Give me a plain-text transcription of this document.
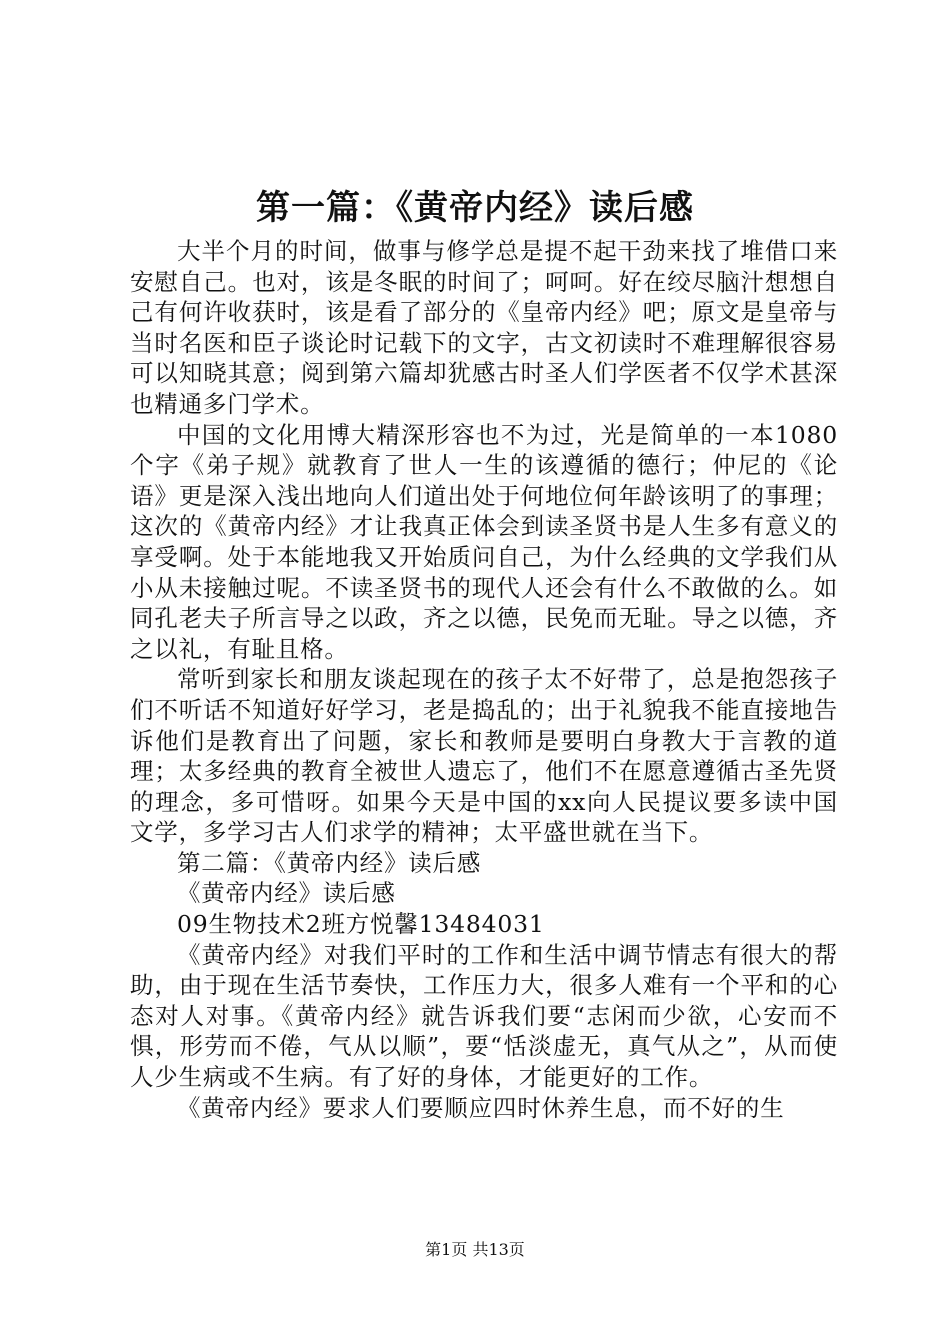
第一篇：《黄帝内经》读后感

大半个月的时间，做事与修学总是提不起干劲来找了堆借口来安慰自己。也对，该是冬眠的时间了；呵呵。好在绞尽脑汁想想自己有何许收获时，该是看了部分的《皇帝内经》吧；原文是皇帝与当时名医和臣子谈论时记载下的文字，古文初读时不难理解很容易可以知晓其意；阅到第六篇却犹感古时圣人们学医者不仅学术甚深也精通多门学术。

中国的文化用博大精深形容也不为过，光是简单的一本1080个字《弟子规》就教育了世人一生的该遵循的德行；仲尼的《论语》更是深入浅出地向人们道出处于何地位何年龄该明了的事理；这次的《黄帝内经》才让我真正体会到读圣贤书是人生多有意义的享受啊。处于本能地我又开始质问自己，为什么经典的文学我们从小从未接触过呢。不读圣贤书的现代人还会有什么不敢做的么。如同孔老夫子所言导之以政，齐之以德，民免而无耻。导之以德，齐之以礼，有耻且格。

常听到家长和朋友谈起现在的孩子太不好带了，总是抱怨孩子们不听话不知道好好学习，老是捣乱的；出于礼貌我不能直接地告诉他们是教育出了问题，家长和教师是要明白身教大于言教的道理；太多经典的教育全被世人遗忘了，他们不在愿意遵循古圣先贤的理念，多可惜呀。如果今天是中国的xx向人民提议要多读中国文学，多学习古人们求学的精神；太平盛世就在当下。

第二篇：《黄帝内经》读后感

《黄帝内经》读后感

09生物技术2班方悦馨13484031

《黄帝内经》对我们平时的工作和生活中调节情志有很大的帮助，由于现在生活节奏快，工作压力大，很多人难有一个平和的心态对人对事。《黄帝内经》就告诉我们要“志闲而少欲，心安而不惧，形劳而不倦，气从以顺”，要“恬淡虚无，真气从之”，从而使人少生病或不生病。有了好的身体，才能更好的工作。

《黄帝内经》要求人们要顺应四时休养生息，而不好的生

第1页 共13页
